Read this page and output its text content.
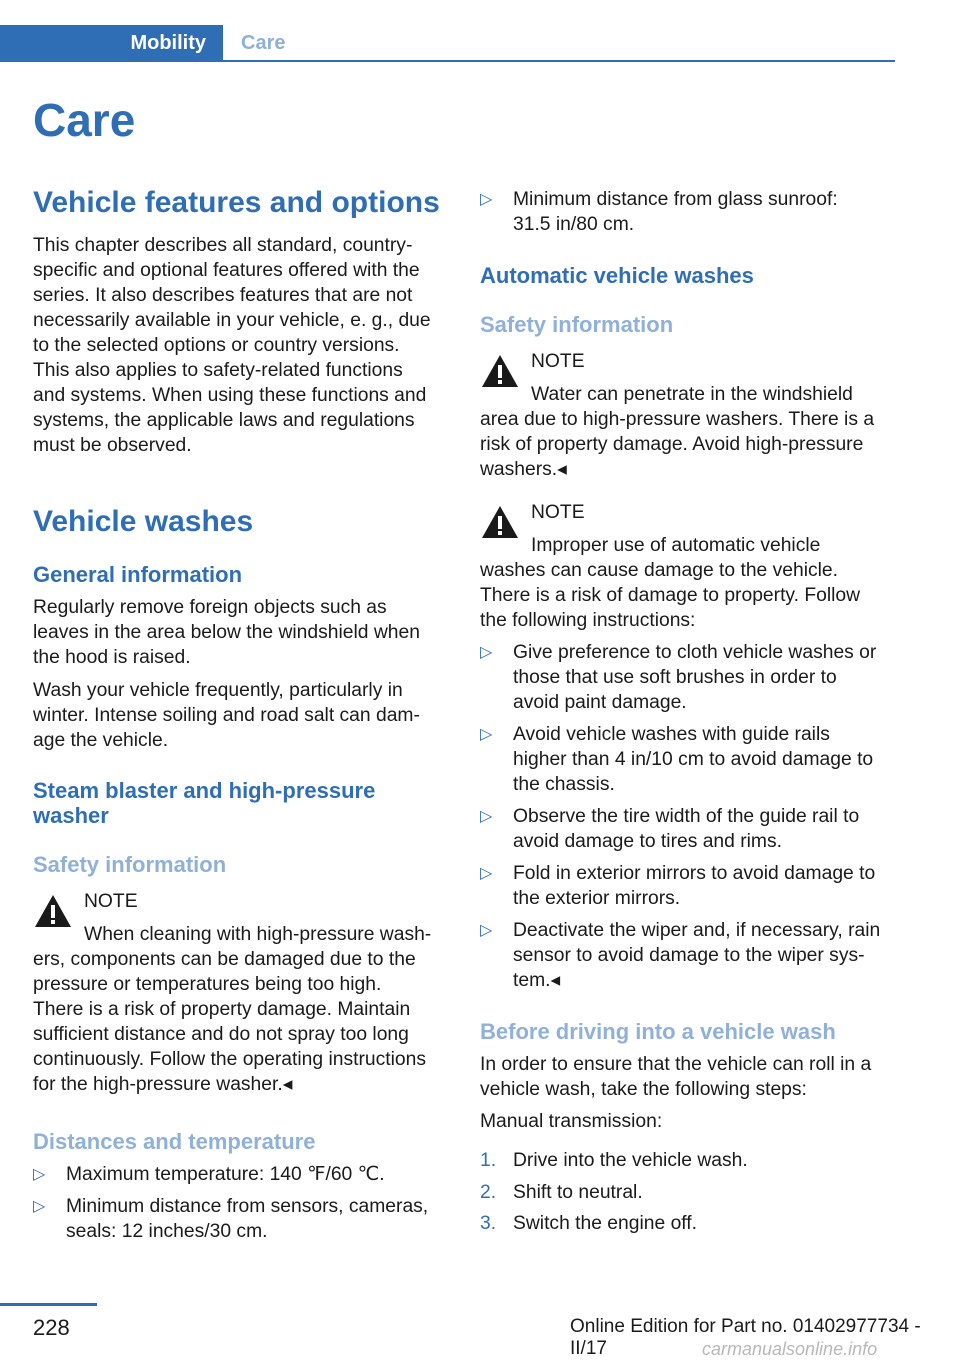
Mobility	Care
Care
Vehicle features and options
This chapter describes all standard, country-
specific and optional features offered with the
series. It also describes features that are not
necessarily available in your vehicle, e. g., due
to the selected options or country versions.
This also applies to safety-related functions
and systems. When using these functions and
systems, the applicable laws and regulations
must be observed.
Vehicle washes
General information
Regularly remove foreign objects such as
leaves in the area below the windshield when
the hood is raised.
Wash your vehicle frequently, particularly in
winter. Intense soiling and road salt can dam‐
age the vehicle.
Steam blaster and high-pressure
washer
Safety information
NOTE
When cleaning with high-pressure wash‐
ers, components can be damaged due to the
pressure or temperatures being too high.
There is a risk of property damage. Maintain
sufficient distance and do not spray too long
continuously. Follow the operating instructions
for the high-pressure washer.◂
Distances and temperature
▷ Maximum temperature: 140 ℉/60 ℃.
▷ Minimum distance from sensors, cameras,
seals: 12 inches/30 cm.
▷ Minimum distance from glass sunroof:
31.5 in/80 cm.
Automatic vehicle washes
Safety information
NOTE
Water can penetrate in the windshield
area due to high-pressure washers. There is a
risk of property damage. Avoid high-pressure
washers.◂
NOTE
Improper use of automatic vehicle
washes can cause damage to the vehicle.
There is a risk of damage to property. Follow
the following instructions:
▷ Give preference to cloth vehicle washes or
those that use soft brushes in order to
avoid paint damage.
▷ Avoid vehicle washes with guide rails
higher than 4 in/10 cm to avoid damage to
the chassis.
▷ Observe the tire width of the guide rail to
avoid damage to tires and rims.
▷ Fold in exterior mirrors to avoid damage to
the exterior mirrors.
▷ Deactivate the wiper and, if necessary, rain
sensor to avoid damage to the wiper sys‐
tem.◂
Before driving into a vehicle wash
In order to ensure that the vehicle can roll in a
vehicle wash, take the following steps:
Manual transmission:
1. Drive into the vehicle wash.
2. Shift to neutral.
3. Switch the engine off.
228	Online Edition for Part no. 01402977734 - II/17	carmanualsonline.info
